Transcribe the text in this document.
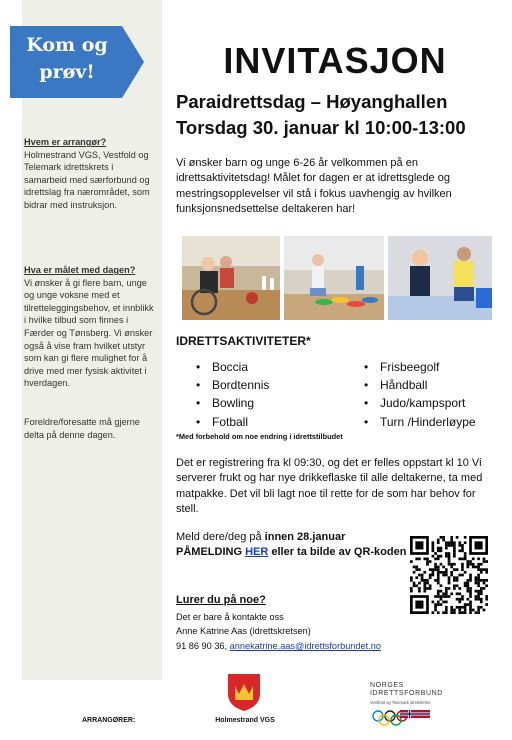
Kom og
prøv!
Hvem er arrangør?
Holmestrand VGS, Vestfold og Telemark idrettskrets i samarbeid med særforbund og idrettslag fra nærområdet, som bidrar med instruksjon.
Hva er målet med dagen?
Vi ønsker å gi flere barn, unge og unge voksne med et tilretteleggingsbehov, et innblikk i hvilke tilbud som finnes i Færder og Tønsberg. Vi ønsker også å vise fram hvilket utstyr som kan gi flere mulighet for å drive med mer fysisk aktivitet i hverdagen.
Foreldre/foresatte må gjerne delta på denne dagen.
INVITASJON
Paraidrettsdag – Høyanghallen
Torsdag 30. januar kl 10:00-13:00
Vi ønsker barn og unge 6-26 år velkommen på en idrettsaktivitetsdag! Målet for dagen er at idrettsglede og mestringsopplevelser vil stå i fokus uavhengig av hvilken funksjonsnedsettelse deltakeren har!
IDRETTSAKTIVITETER*
• Boccia
• Bordtennis
• Bowling
• Fotball
• Frisbeegolf
• Håndball
• Judo/kampsport
• Turn /Hinderløype
*Med forbehold om noe endring i idrettstilbudet
Det er registrering fra kl 09:30, og det er felles oppstart kl 10 Vi serverer frukt og har nye drikkeflaske til alle deltakerne, ta med matpakke. Det vil bli lagt noe til rette for de som har behov for stell.
Meld dere/deg på innen 28.januar
PÅMELDING HER eller ta bilde av QR-koden
Lurer du på noe?
Det er bare å kontakte oss
Anne Katrine Aas (idrettskretsen)
91 86 90 36, annekatrine.aas@idrettsforbundet.no
ARRANGØRER:	Holmestrand VGS
NORGES
IDRETTSFORBUND
Vestfold og Telemark idrettskrets
